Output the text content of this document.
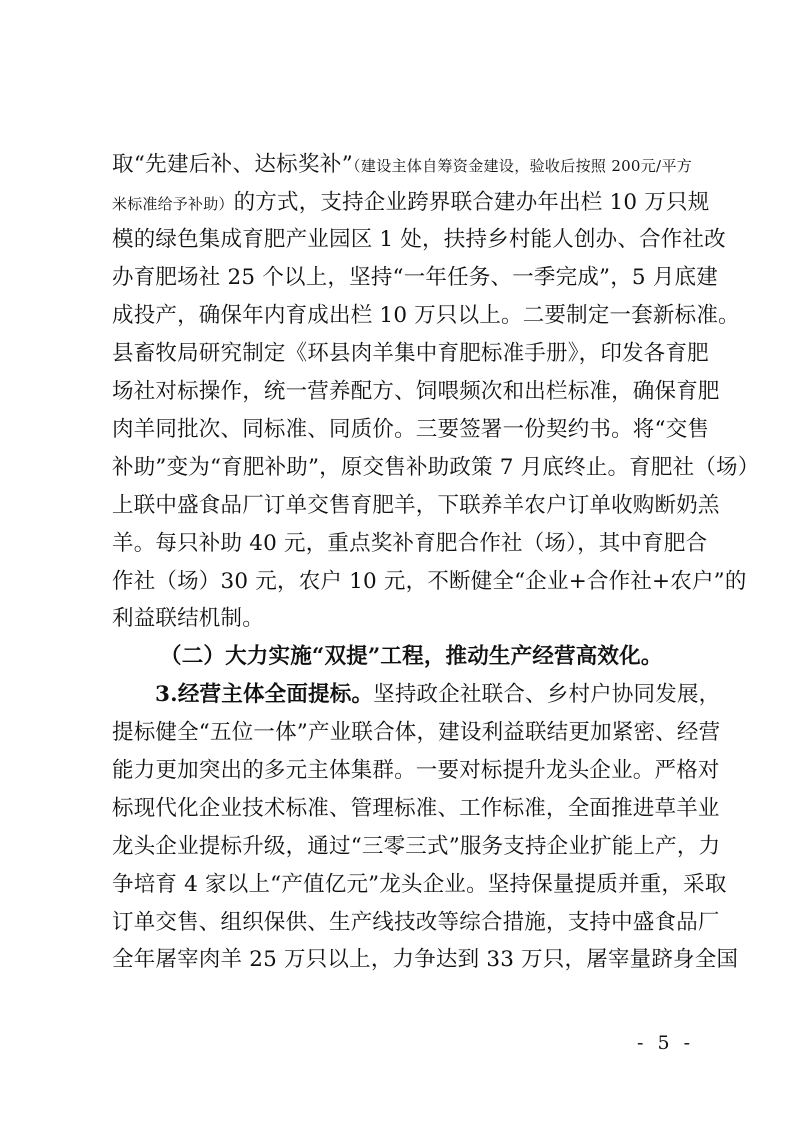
取“先建后补、达标奖补”（建设主体自筹资金建设，验收后按照 200元/平方
米标准给予补助）的方式，支持企业跨界联合建办年出栏 10 万只规
模的绿色集成育肥产业园区 1 处，扶持乡村能人创办、合作社改
办育肥场社 25 个以上，坚持“一年任务、一季完成”，5 月底建
成投产，确保年内育成出栏 10 万只以上。二要制定一套新标准。
县畜牧局研究制定《环县肉羊集中育肥标准手册》，印发各育肥
场社对标操作，统一营养配方、饲喂频次和出栏标准，确保育肥
肉羊同批次、同标准、同质价。三要签署一份契约书。将“交售
补助”变为“育肥补助”，原交售补助政策 7 月底终止。育肥社（场）
上联中盛食品厂订单交售育肥羊，下联养羊农户订单收购断奶羔
羊。每只补助 40 元，重点奖补育肥合作社（场），其中育肥合
作社（场）30 元，农户 10 元，不断健全“企业+合作社+农户”的
利益联结机制。
（二）大力实施“双提”工程，推动生产经营高效化。
3.经营主体全面提标。坚持政企社联合、乡村户协同发展，
提标健全“五位一体”产业联合体，建设利益联结更加紧密、经营
能力更加突出的多元主体集群。一要对标提升龙头企业。严格对
标现代化企业技术标准、管理标准、工作标准，全面推进草羊业
龙头企业提标升级，通过“三零三式”服务支持企业扩能上产，力
争培育 4 家以上“产值亿元”龙头企业。坚持保量提质并重，采取
订单交售、组织保供、生产线技改等综合措施，支持中盛食品厂
全年屠宰肉羊 25 万只以上，力争达到 33 万只，屠宰量跻身全国
- 5 -
